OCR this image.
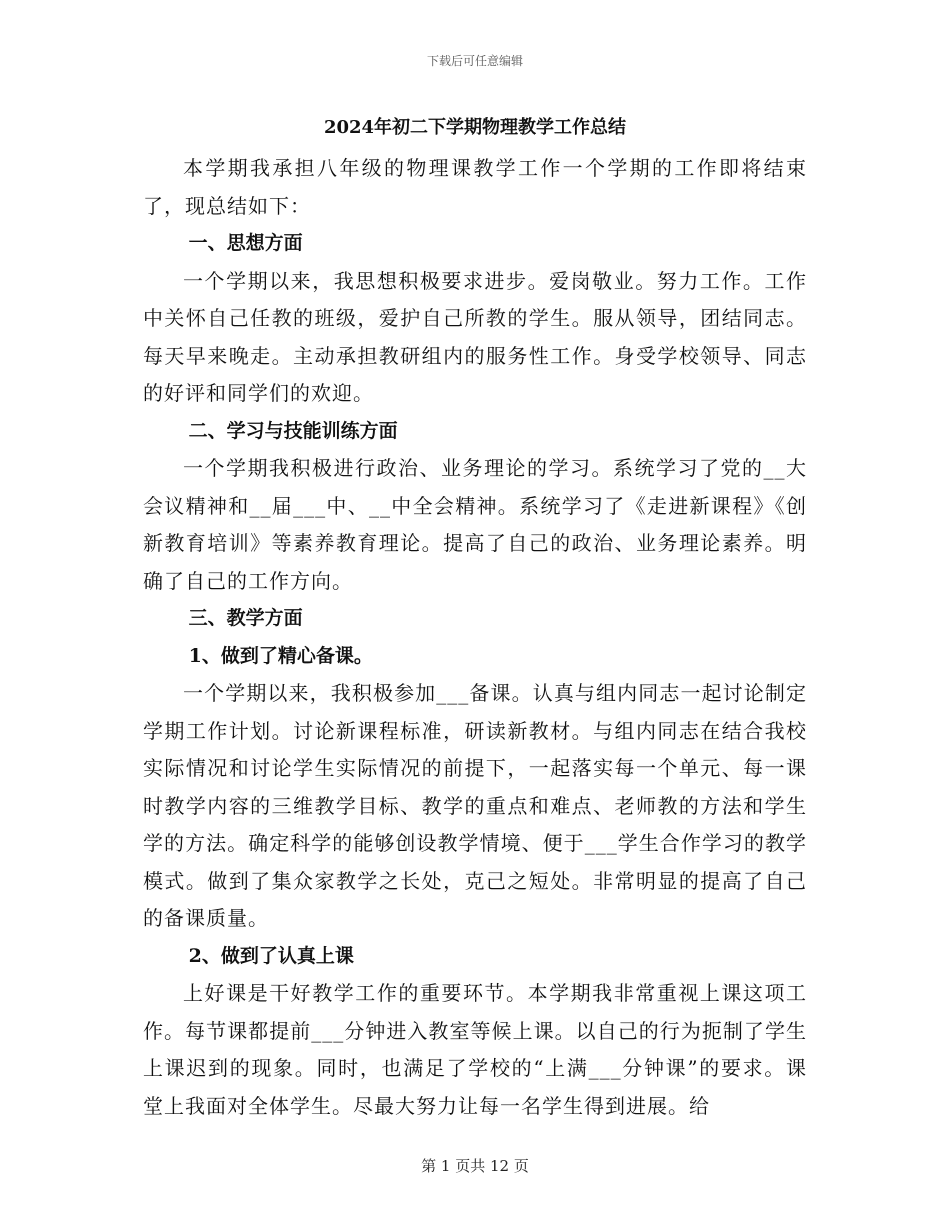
下载后可任意编辑
2024年初二下学期物理教学工作总结

本学期我承担八年级的物理课教学工作一个学期的工作即将结束了，现总结如下：

一、思想方面

一个学期以来，我思想积极要求进步。爱岗敬业。努力工作。工作中关怀自己任教的班级，爱护自己所教的学生。服从领导，团结同志。每天早来晚走。主动承担教研组内的服务性工作。身受学校领导、同志的好评和同学们的欢迎。

二、学习与技能训练方面

一个学期我积极进行政治、业务理论的学习。系统学习了党的__大会议精神和__届___中、__中全会精神。系统学习了《走进新课程》《创新教育培训》等素养教育理论。提高了自己的政治、业务理论素养。明确了自己的工作方向。

三、教学方面

1、做到了精心备课。

一个学期以来，我积极参加___备课。认真与组内同志一起讨论制定学期工作计划。讨论新课程标准，研读新教材。与组内同志在结合我校实际情况和讨论学生实际情况的前提下，一起落实每一个单元、每一课时教学内容的三维教学目标、教学的重点和难点、老师教的方法和学生学的方法。确定科学的能够创设教学情境、便于___学生合作学习的教学模式。做到了集众家教学之长处，克己之短处。非常明显的提高了自己的备课质量。

2、做到了认真上课

上好课是干好教学工作的重要环节。本学期我非常重视上课这项工作。每节课都提前___分钟进入教室等候上课。以自己的行为扼制了学生上课迟到的现象。同时，也满足了学校的“上满___分钟课”的要求。课堂上我面对全体学生。尽最大努力让每一名学生得到进展。给

第 1 页共 12 页
